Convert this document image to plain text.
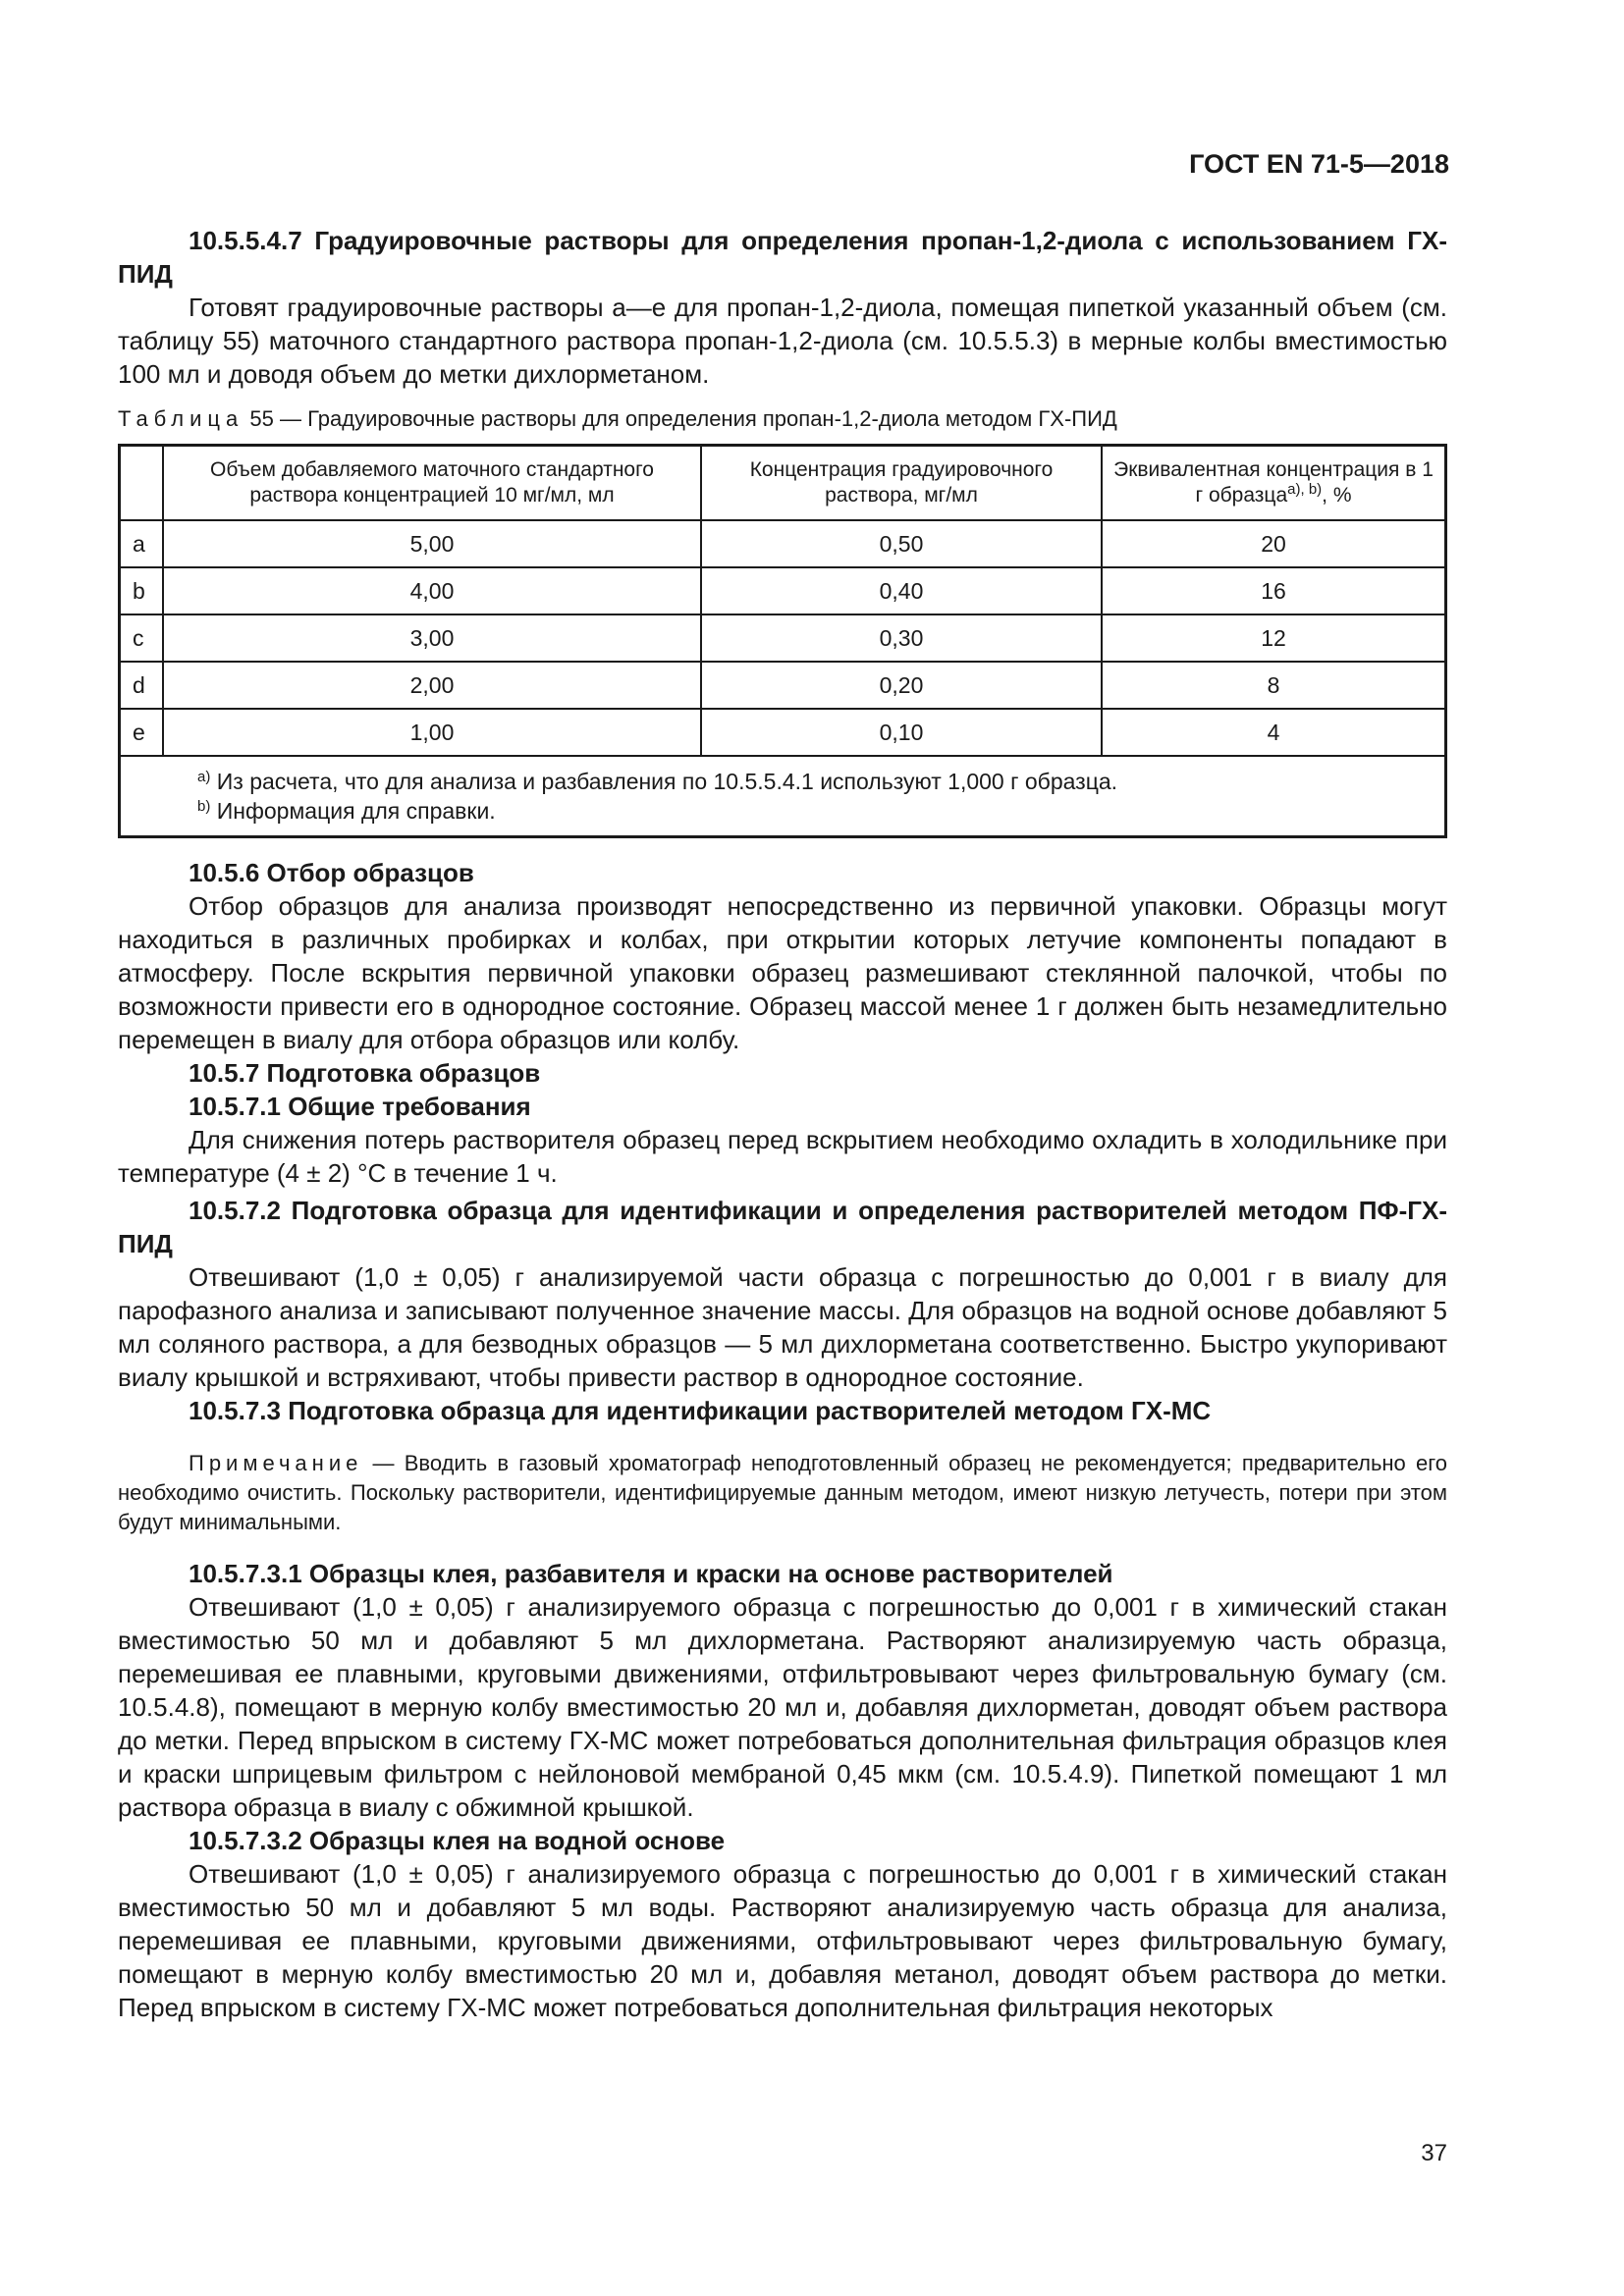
ГОСТ EN 71-5—2018

10.5.5.4.7 Градуировочные растворы для определения пропан-1,2-диола с использованием ГХ-ПИД

Готовят градуировочные растворы а—е для пропан-1,2-диола, помещая пипеткой указанный объем (см. таблицу 55) маточного стандартного раствора пропан-1,2-диола (см. 10.5.5.3) в мерные колбы вместимостью 100 мл и доводя объем до метки дихлорметаном.

Таблица 55 — Градуировочные растворы для определения пропан-1,2-диола методом ГХ-ПИД

	Объем добавляемого маточного стандартного раствора концентрацией 10 мг/мл, мл	Концентрация градуировочного раствора, мг/мл	Эквивалентная концентрация в 1 г образца$^{a), b)}$, %
a	5,00	0,50	20
b	4,00	0,40	16
c	3,00	0,30	12
d	2,00	0,20	8
e	1,00	0,10	4

$^{a)}$ Из расчета, что для анализа и разбавления по 10.5.5.4.1 используют 1,000 г образца.
$^{b)}$ Информация для справки.			

10.5.6 Отбор образцов

Отбор образцов для анализа производят непосредственно из первичной упаковки. Образцы могут находиться в различных пробирках и колбах, при открытии которых летучие компоненты попадают в атмосферу. После вскрытия первичной упаковки образец размешивают стеклянной палочкой, чтобы по возможности привести его в однородное состояние. Образец массой менее 1 г должен быть незамедлительно перемещен в виалу для отбора образцов или колбу.

10.5.7 Подготовка образцов

10.5.7.1 Общие требования

Для снижения потерь растворителя образец перед вскрытием необходимо охладить в холодильнике при температуре (4 ± 2) °С в течение 1 ч.

10.5.7.2 Подготовка образца для идентификации и определения растворителей методом ПФ-ГХ-ПИД

Отвешивают (1,0 ± 0,05) г анализируемой части образца с погрешностью до 0,001 г в виалу для парофазного анализа и записывают полученное значение массы. Для образцов на водной основе добавляют 5 мл соляного раствора, а для безводных образцов — 5 мл дихлорметана соответственно. Быстро укупоривают виалу крышкой и встряхивают, чтобы привести раствор в однородное состояние.

10.5.7.3 Подготовка образца для идентификации растворителей методом ГХ-МС

Примечание — Вводить в газовый хроматограф неподготовленный образец не рекомендуется; предварительно его необходимо очистить. Поскольку растворители, идентифицируемые данным методом, имеют низкую летучесть, потери при этом будут минимальными.

10.5.7.3.1 Образцы клея, разбавителя и краски на основе растворителей

Отвешивают (1,0 ± 0,05) г анализируемого образца с погрешностью до 0,001 г в химический стакан вместимостью 50 мл и добавляют 5 мл дихлорметана. Растворяют анализируемую часть образца, перемешивая ее плавными, круговыми движениями, отфильтровывают через фильтровальную бумагу (см. 10.5.4.8), помещают в мерную колбу вместимостью 20 мл и, добавляя дихлорметан, доводят объем раствора до метки. Перед впрыском в систему ГХ-МС может потребоваться дополнительная фильтрация образцов клея и краски шприцевым фильтром с нейлоновой мембраной 0,45 мкм (см. 10.5.4.9). Пипеткой помещают 1 мл раствора образца в виалу с обжимной крышкой.

10.5.7.3.2 Образцы клея на водной основе

Отвешивают (1,0 ± 0,05) г анализируемого образца с погрешностью до 0,001 г в химический стакан вместимостью 50 мл и добавляют 5 мл воды. Растворяют анализируемую часть образца для анализа, перемешивая ее плавными, круговыми движениями, отфильтровывают через фильтровальную бумагу, помещают в мерную колбу вместимостью 20 мл и, добавляя метанол, доводят объем раствора до метки. Перед впрыском в систему ГХ-МС может потребоваться дополнительная фильтрация некоторых

37
